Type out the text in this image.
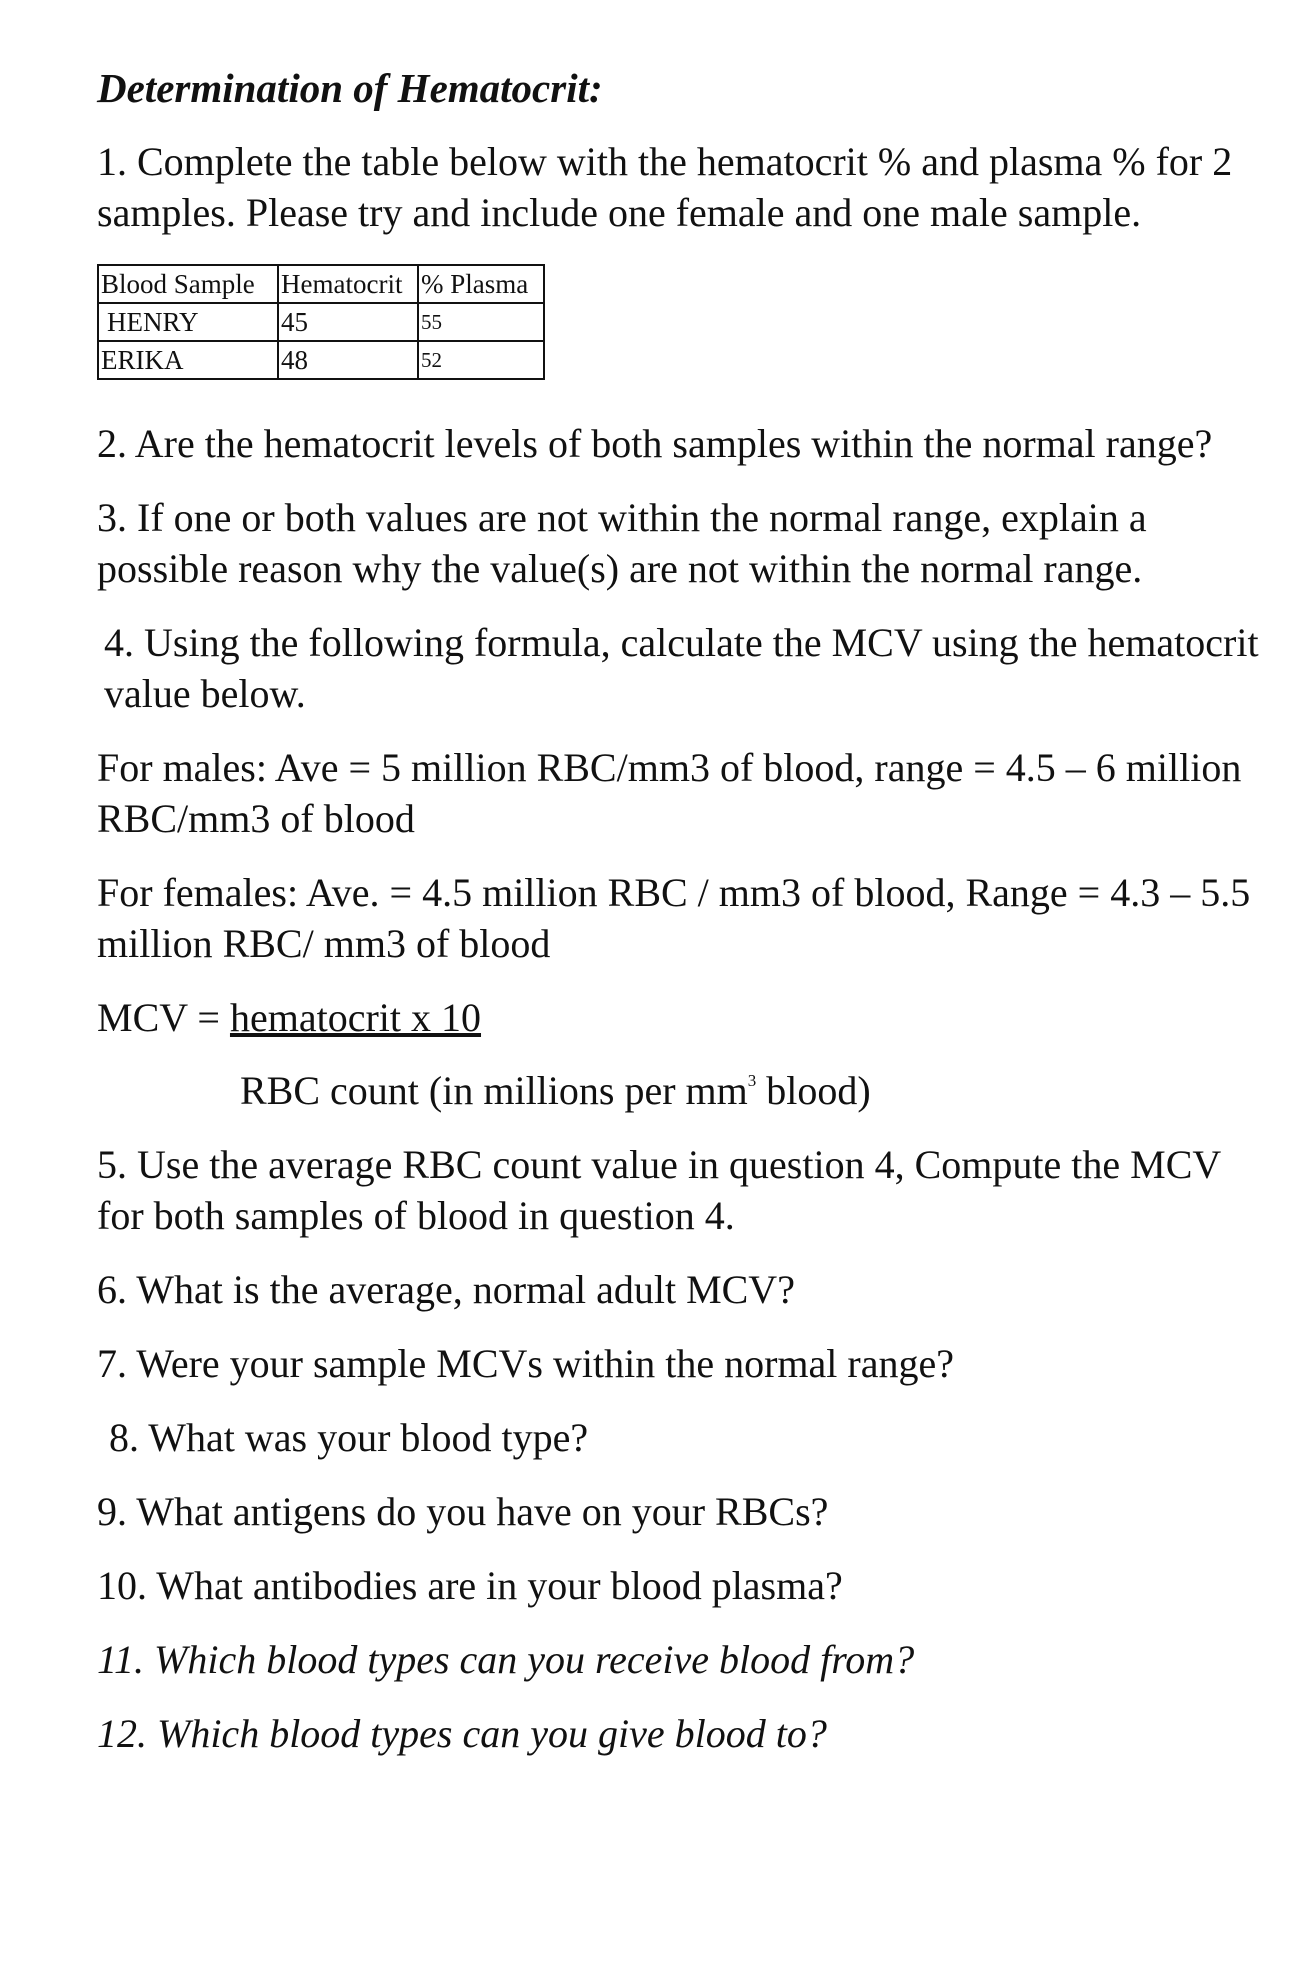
Determination of Hematocrit:
1. Complete the table below with the hematocrit % and plasma % for 2 samples. Please try and include one female and one male sample.
Blood Sample	Hematocrit	% Plasma
HENRY	45	55
ERIKA	48	52
2. Are the hematocrit levels of both samples within the normal range?
3. If one or both values are not within the normal range, explain a possible reason why the value(s) are not within the normal range.
4. Using the following formula, calculate the MCV using the hematocrit value below.
For males: Ave = 5 million RBC/mm3 of blood, range = 4.5 – 6 million RBC/mm3 of blood
For females: Ave. = 4.5 million RBC / mm3 of blood, Range = 4.3 – 5.5 million RBC/ mm3 of blood
MCV = hematocrit x 10
RBC count (in millions per $mm^3$ blood)
5. Use the average RBC count value in question 4, Compute the MCV for both samples of blood in question 4.
6. What is the average, normal adult MCV?
7. Were your sample MCVs within the normal range?
8. What was your blood type?
9. What antigens do you have on your RBCs?
10. What antibodies are in your blood plasma?
11. Which blood types can you receive blood from?
12. Which blood types can you give blood to?
